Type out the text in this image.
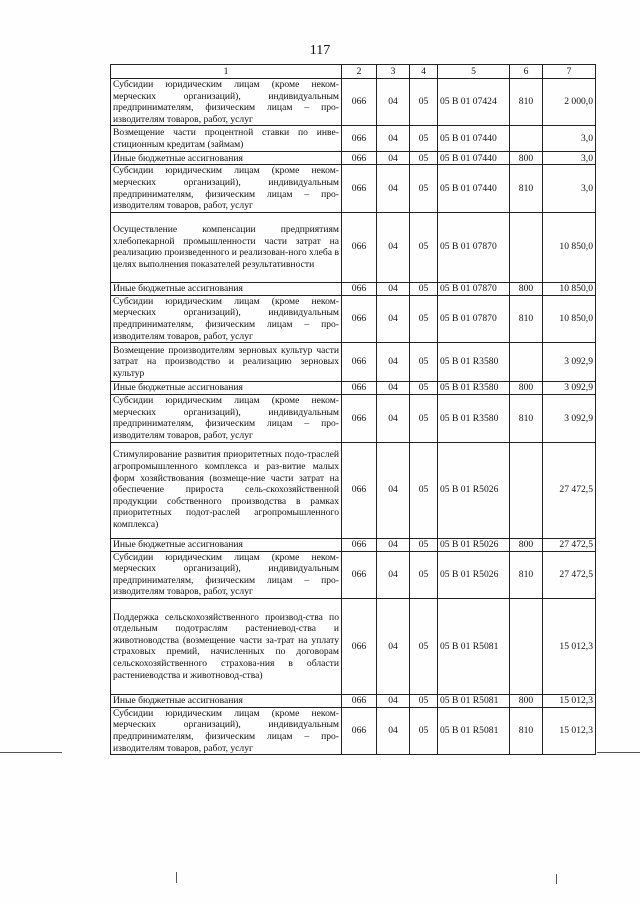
117
1	2	3	4	5	6	7
Субсидии юридическим лицам (кроме неком-мерческих организаций), индивидуальным предпринимателям, физическим лицам – про-изводителям товаров, работ, услуг	066	04	05	05 В 01 07424	810	2 000,0
Возмещение части процентной ставки по инве-стиционным кредитам (займам)	066	04	05	05 В 01 07440		3,0
Иные бюджетные ассигнования	066	04	05	05 В 01 07440	800	3,0
Субсидии юридическим лицам (кроме неком-мерческих организаций), индивидуальным предпринимателям, физическим лицам – про-изводителям товаров, работ, услуг	066	04	05	05 В 01 07440	810	3,0
Осуществление компенсации предприятиям хлебопекарной промышленности части затрат на реализацию произведенного и реализован-ного хлеба в целях выполнения показателей результативности	066	04	05	05 В 01 07870		10 850,0
Иные бюджетные ассигнования	066	04	05	05 В 01 07870	800	10 850,0
Субсидии юридическим лицам (кроме неком-мерческих организаций), индивидуальным предпринимателям, физическим лицам – про-изводителям товаров, работ, услуг	066	04	05	05 В 01 07870	810	10 850,0
Возмещение производителям зерновых культур части затрат на производство и реализацию зерновых культур	066	04	05	05 В 01 R3580		3 092,9
Иные бюджетные ассигнования	066	04	05	05 В 01 R3580	800	3 092,9
Субсидии юридическим лицам (кроме неком-мерческих организаций), индивидуальным предпринимателям, физическим лицам – про-изводителям товаров, работ, услуг	066	04	05	05 В 01 R3580	810	3 092,9
Стимулирование развития приоритетных подо-траслей агропромышленного комплекса и раз-витие малых форм хозяйствования (возмеще-ние части затрат на обеспечение прироста сель-скохозяйственной продукции собственного производства в рамках приоритетных подот-раслей агропромышленного комплекса)	066	04	05	05 В 01 R5026		27 472,5
Иные бюджетные ассигнования	066	04	05	05 В 01 R5026	800	27 472,5
Субсидии юридическим лицам (кроме неком-мерческих организаций), индивидуальным предпринимателям, физическим лицам – про-изводителям товаров, работ, услуг	066	04	05	05 В 01 R5026	810	27 472,5
Поддержка сельскохозяйственного производ-ства по отдельным подотраслям растениевод-ства и животноводства (возмещение части за-трат на уплату страховых премий, начисленных по договорам сельскохозяйственного страхова-ния в области растениеводства и животновод-ства)	066	04	05	05 В 01 R5081		15 012,3
Иные бюджетные ассигнования	066	04	05	05 В 01 R5081	800	15 012,3
Субсидии юридическим лицам (кроме неком-мерческих организаций), индивидуальным предпринимателям, физическим лицам – про-изводителям товаров, работ, услуг	066	04	05	05 В 01 R5081	810	15 012,3
